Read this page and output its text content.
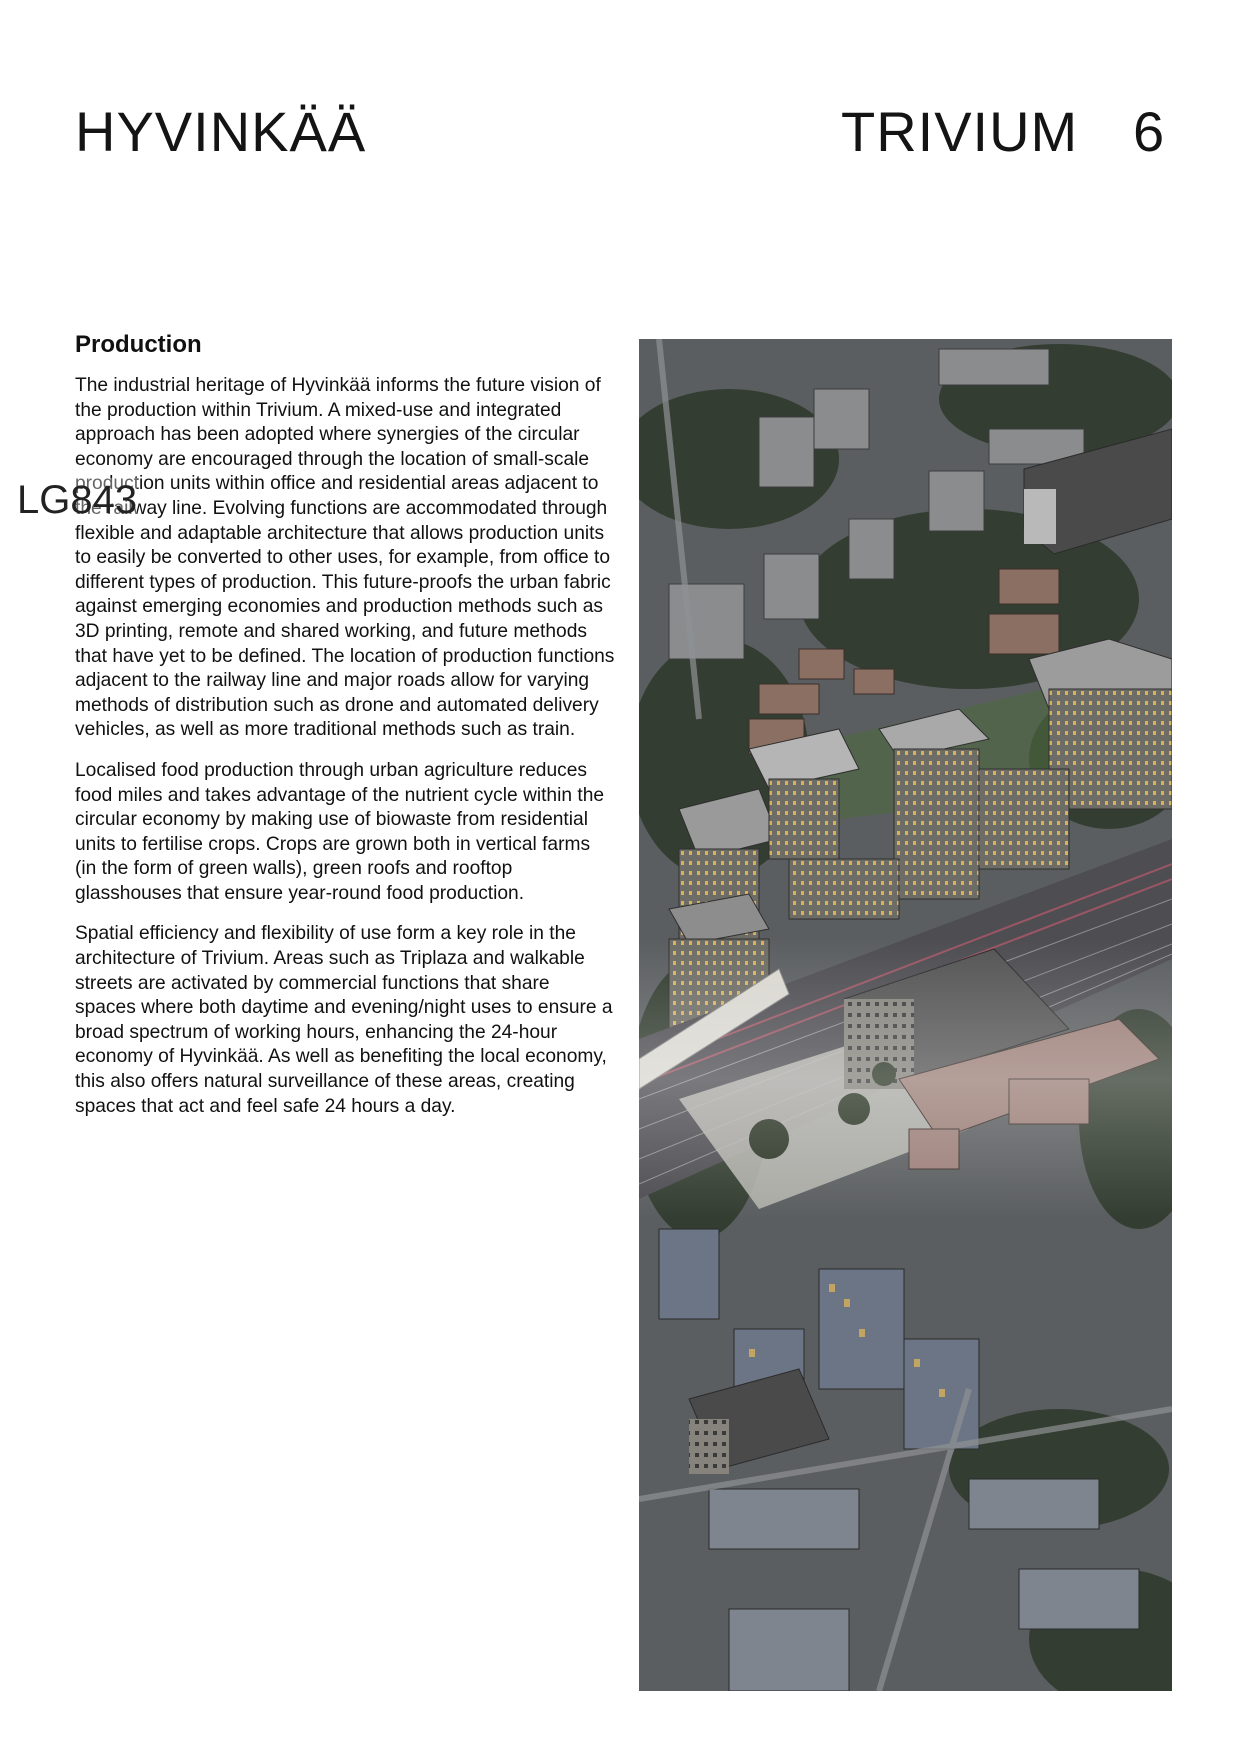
HYVINKÄÄ	TRIVIUM 6
LG843
Production

The industrial heritage of Hyvinkää informs the future vision of the production within Trivium. A mixed-use and integrated approach has been adopted where synergies of the circular economy are encouraged through the location of small-scale production units within office and residential areas adjacent to the railway line. Evolving functions are accommodated through flexible and adaptable architecture that allows production units to easily be converted to other uses, for example, from office to different types of production. This future-proofs the urban fabric against emerging economies and production methods such as 3D printing, remote and shared working, and future methods that have yet to be defined. The location of production functions adjacent to the railway line and major roads allow for varying methods of distribution such as drone and automated delivery vehicles, as well as more traditional methods such as train.

Localised food production through urban agriculture reduces food miles and takes advantage of the nutrient cycle within the circular economy by making use of biowaste from residential units to fertilise crops. Crops are grown both in vertical farms (in the form of green walls), green roofs and rooftop glasshouses that ensure year-round food production.

Spatial efficiency and flexibility of use form a key role in the architecture of Trivium. Areas such as Triplaza and walkable streets are activated by commercial functions that share spaces where both daytime and evening/night uses to ensure a broad spectrum of working hours, enhancing the 24-hour economy of Hyvinkää. As well as benefiting the local economy, this also offers natural surveillance of these areas, creating spaces that act and feel safe 24 hours a day.
